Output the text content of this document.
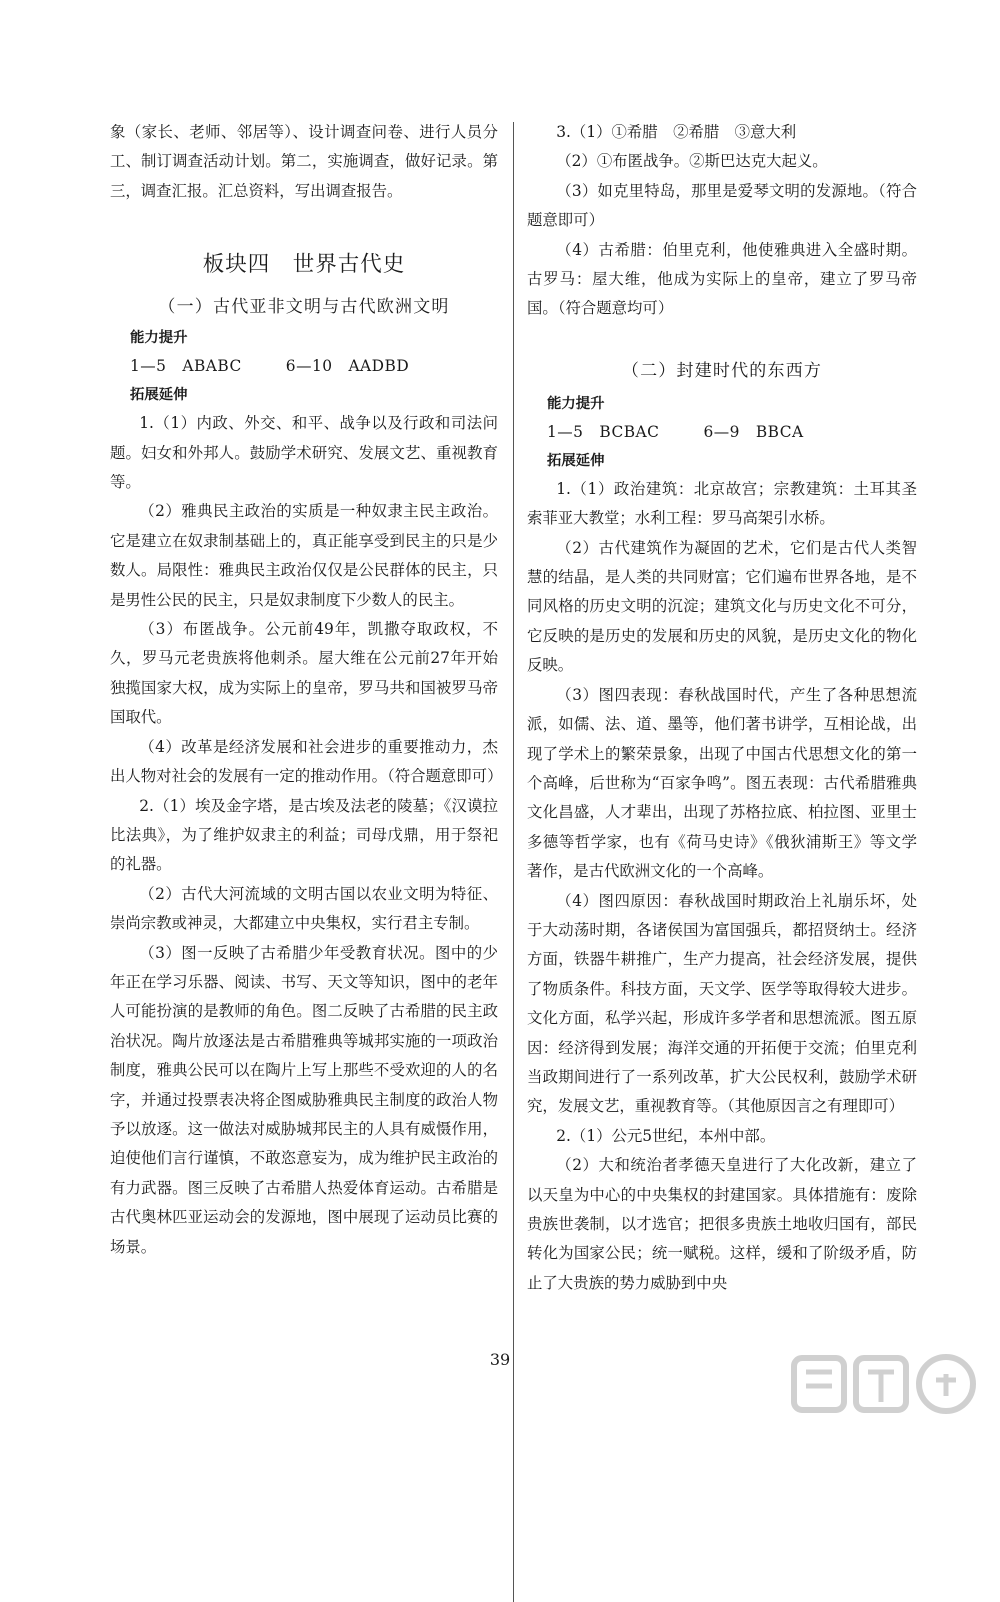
象（家长、老师、邻居等）、设计调查问卷、进行人员分工、制订调查活动计划。第二，实施调查，做好记录。第三，调查汇报。汇总资料，写出调查报告。

板块四　世界古代史
（一）古代亚非文明与古代欧洲文明
能力提升
1—5　ABABC	6—10　AADBD
拓展延伸

1.（1）内政、外交、和平、战争以及行政和司法问题。妇女和外邦人。鼓励学术研究、发展文艺、重视教育等。

（2）雅典民主政治的实质是一种奴隶主民主政治。它是建立在奴隶制基础上的，真正能享受到民主的只是少数人。局限性：雅典民主政治仅仅是公民群体的民主，只是男性公民的民主，只是奴隶制度下少数人的民主。

（3）布匿战争。公元前49年，凯撒夺取政权，不久，罗马元老贵族将他刺杀。屋大维在公元前27年开始独揽国家大权，成为实际上的皇帝，罗马共和国被罗马帝国取代。

（4）改革是经济发展和社会进步的重要推动力，杰出人物对社会的发展有一定的推动作用。（符合题意即可）

2.（1）埃及金字塔，是古埃及法老的陵墓；《汉谟拉比法典》，为了维护奴隶主的利益；司母戊鼎，用于祭祀的礼器。

（2）古代大河流域的文明古国以农业文明为特征、崇尚宗教或神灵，大都建立中央集权，实行君主专制。

（3）图一反映了古希腊少年受教育状况。图中的少年正在学习乐器、阅读、书写、天文等知识，图中的老年人可能扮演的是教师的角色。图二反映了古希腊的民主政治状况。陶片放逐法是古希腊雅典等城邦实施的一项政治制度，雅典公民可以在陶片上写上那些不受欢迎的人的名字，并通过投票表决将企图威胁雅典民主制度的政治人物予以放逐。这一做法对威胁城邦民主的人具有威慑作用，迫使他们言行谨慎，不敢恣意妄为，成为维护民主政治的有力武器。图三反映了古希腊人热爱体育运动。古希腊是古代奥林匹亚运动会的发源地，图中展现了运动员比赛的场景。

3.（1）①希腊　②希腊　③意大利

（2）①布匿战争。②斯巴达克大起义。

（3）如克里特岛，那里是爱琴文明的发源地。（符合题意即可）

（4）古希腊：伯里克利，他使雅典进入全盛时期。古罗马：屋大维，他成为实际上的皇帝，建立了罗马帝国。（符合题意均可）

（二）封建时代的东西方
能力提升
1—5　BCBAC	6—9　BBCA
拓展延伸

1.（1）政治建筑：北京故宫；宗教建筑：土耳其圣索菲亚大教堂；水利工程：罗马高架引水桥。

（2）古代建筑作为凝固的艺术，它们是古代人类智慧的结晶，是人类的共同财富；它们遍布世界各地，是不同风格的历史文明的沉淀；建筑文化与历史文化不可分，它反映的是历史的发展和历史的风貌，是历史文化的物化反映。

（3）图四表现：春秋战国时代，产生了各种思想流派，如儒、法、道、墨等，他们著书讲学，互相论战，出现了学术上的繁荣景象，出现了中国古代思想文化的第一个高峰，后世称为“百家争鸣”。图五表现：古代希腊雅典文化昌盛，人才辈出，出现了苏格拉底、柏拉图、亚里士多德等哲学家，也有《荷马史诗》《俄狄浦斯王》等文学著作，是古代欧洲文化的一个高峰。

（4）图四原因：春秋战国时期政治上礼崩乐坏，处于大动荡时期，各诸侯国为富国强兵，都招贤纳士。经济方面，铁器牛耕推广，生产力提高，社会经济发展，提供了物质条件。科技方面，天文学、医学等取得较大进步。文化方面，私学兴起，形成许多学者和思想流派。图五原因：经济得到发展；海洋交通的开拓便于交流；伯里克利当政期间进行了一系列改革，扩大公民权利，鼓励学术研究，发展文艺，重视教育等。（其他原因言之有理即可）

2.（1）公元5世纪，本州中部。

（2）大和统治者孝德天皇进行了大化改新，建立了以天皇为中心的中央集权的封建国家。具体措施有：废除贵族世袭制，以才选官；把很多贵族土地收归国有，部民转化为国家公民；统一赋税。这样，缓和了阶级矛盾，防止了大贵族的势力威胁到中央

39
